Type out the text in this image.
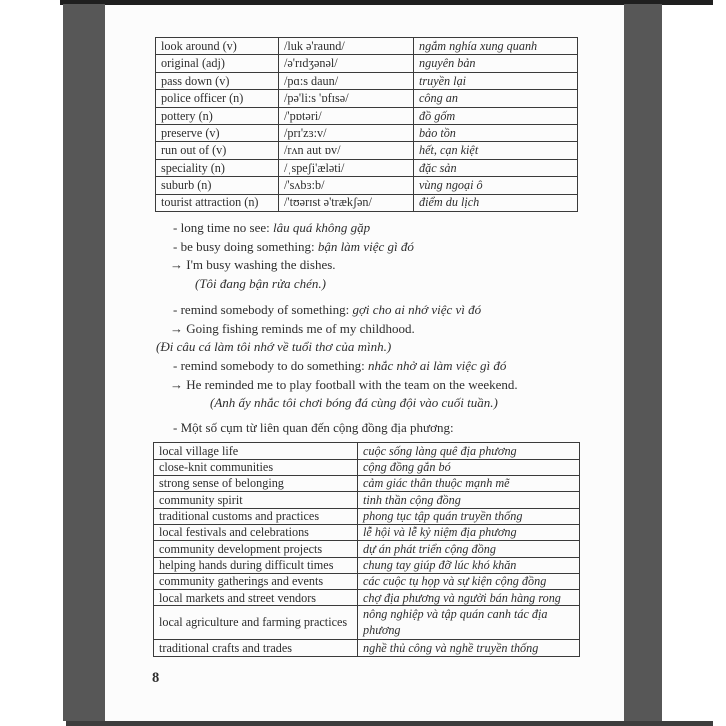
look around (v)	/luk ə'raund/	ngắm nghía xung quanh
original (adj)	/ə'rɪdʒənəl/	nguyên bản
pass down (v)	/pɑ:s daun/	truyền lại
police officer (n)	/pə'li:s 'ɒfɪsə/	công an
pottery (n)	/'pɒtəri/	đồ gốm
preserve (v)	/prɪ'zɜ:v/	bảo tồn
run out of (v)	/rʌn aut ɒv/	hết, cạn kiệt
speciality (n)	/ˌspeʃi'æləti/	đặc sản
suburb (n)	/'sʌbɜ:b/	vùng ngoại ô
tourist attraction (n)	/'tʊərɪst ə'trækʃən/	điểm du lịch
- long time no see: lâu quá không gặp
- be busy doing something: bận làm việc gì đó
→ I'm busy washing the dishes.
(Tôi đang bận rửa chén.)
- remind somebody of something: gợi cho ai nhớ việc vì đó
→ Going fishing reminds me of my childhood.
(Đi câu cá làm tôi nhớ về tuổi thơ của mình.)
- remind somebody to do something: nhắc nhở ai làm việc gì đó
→ He reminded me to play football with the team on the weekend.
(Anh ấy nhắc tôi chơi bóng đá cùng đội vào cuối tuần.)
- Một số cụm từ liên quan đến cộng đồng địa phương:
local village life	cuộc sống làng quê địa phương
close-knit communities	cộng đồng gắn bó
strong sense of belonging	cảm giác thân thuộc mạnh mẽ
community spirit	tinh thần cộng đồng
traditional customs and practices	phong tục tập quán truyền thống
local festivals and celebrations	lễ hội và lễ kỷ niệm địa phương
community development projects	dự án phát triển cộng đồng
helping hands during difficult times	chung tay giúp đỡ lúc khó khăn
community gatherings and events	các cuộc tụ họp và sự kiện cộng đồng
local markets and street vendors	chợ địa phương và người bán hàng rong
local agriculture and farming practices	nông nghiệp và tập quán canh tác địa phương
traditional crafts and trades	nghề thủ công và nghề truyền thống
8
